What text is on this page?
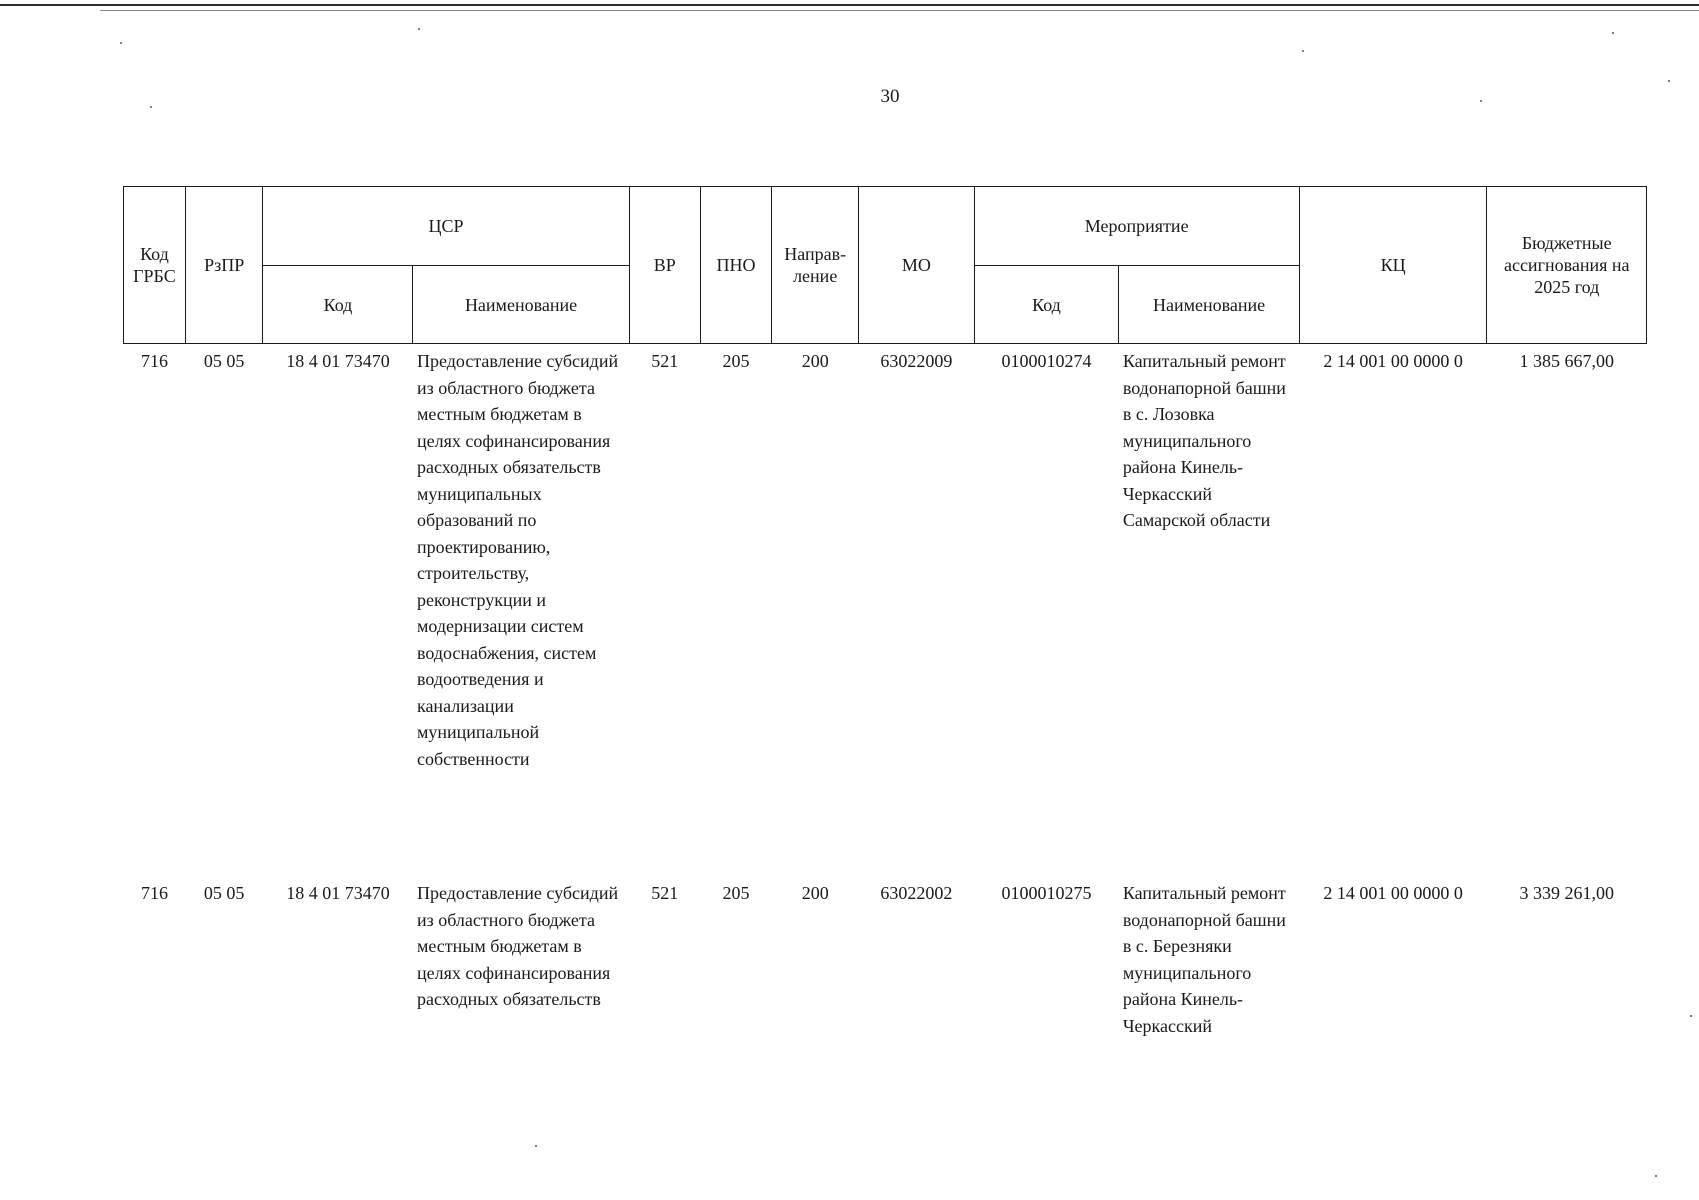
30
Код ГРБС	РзПР	ЦСР		ВР	ПНО	Направ-ление	МО	Мероприятие		КЦ	Бюджетные ассигнования на 2025 год
		Код	Наименование					Код	Наименование		
716	05 05	18 4 01 73470	Предоставление субсидий из областного бюджета местным бюджетам в целях софинансирования расходных обязательств муниципальных образований по проектированию, строительству, реконструкции и модернизации систем водоснабжения, систем водоотведения и канализации муниципальной собственности	521	205	200	63022009	0100010274	Капитальный ремонт водонапорной башни в с. Лозовка муниципального района Кинель-Черкасский Самарской области	2 14 001 00 0000 0	1 385 667,00
716	05 05	18 4 01 73470	Предоставление субсидий из областного бюджета местным бюджетам в целях софинансирования расходных обязательств	521	205	200	63022002	0100010275	Капитальный ремонт водонапорной башни в с. Березняки муниципального района Кинель-Черкасский	2 14 001 00 0000 0	3 339 261,00
